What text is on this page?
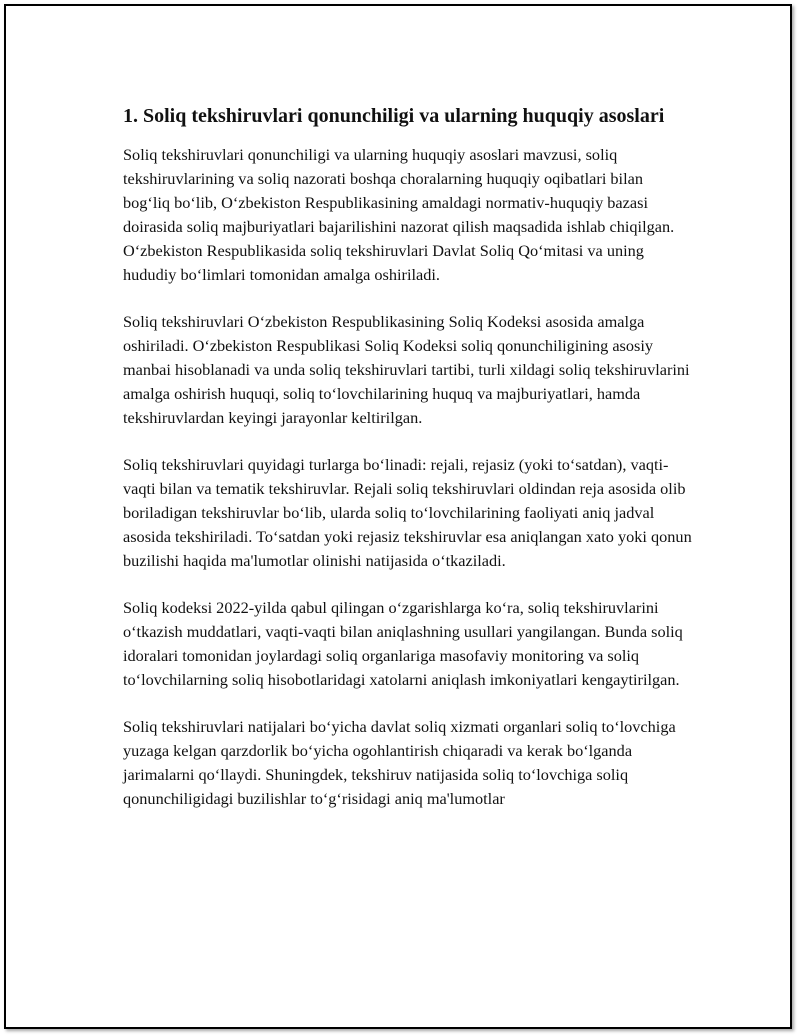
1. Soliq tekshiruvlari qonunchiligi va ularning huquqiy asoslari

Soliq tekshiruvlari qonunchiligi va ularning huquqiy asoslari mavzusi, soliq tekshiruvlarining va soliq nazorati boshqa choralarning huquqiy oqibatlari bilan bog‘liq bo‘lib, O‘zbekiston Respublikasining amaldagi normativ-huquqiy bazasi doirasida soliq majburiyatlari bajarilishini nazorat qilish maqsadida ishlab chiqilgan. O‘zbekiston Respublikasida soliq tekshiruvlari Davlat Soliq Qo‘mitasi va uning hududiy bo‘limlari tomonidan amalga oshiriladi.

Soliq tekshiruvlari O‘zbekiston Respublikasining Soliq Kodeksi asosida amalga oshiriladi. O‘zbekiston Respublikasi Soliq Kodeksi soliq qonunchiligining asosiy manbai hisoblanadi va unda soliq tekshiruvlari tartibi, turli xildagi soliq tekshiruvlarini amalga oshirish huquqi, soliq to‘lovchilarining huquq va majburiyatlari, hamda tekshiruvlardan keyingi jarayonlar keltirilgan.

Soliq tekshiruvlari quyidagi turlarga bo‘linadi: rejali, rejasiz (yoki to‘satdan), vaqti-vaqti bilan va tematik tekshiruvlar. Rejali soliq tekshiruvlari oldindan reja asosida olib boriladigan tekshiruvlar bo‘lib, ularda soliq to‘lovchilarining faoliyati aniq jadval asosida tekshiriladi. To‘satdan yoki rejasiz tekshiruvlar esa aniqlangan xato yoki qonun buzilishi haqida ma'lumotlar olinishi natijasida o‘tkaziladi.

Soliq kodeksi 2022-yilda qabul qilingan o‘zgarishlarga ko‘ra, soliq tekshiruvlarini o‘tkazish muddatlari, vaqti-vaqti bilan aniqlashning usullari yangilangan. Bunda soliq idoralari tomonidan joylardagi soliq organlariga masofaviy monitoring va soliq to‘lovchilarning soliq hisobotlaridagi xatolarni aniqlash imkoniyatlari kengaytirilgan.

Soliq tekshiruvlari natijalari bo‘yicha davlat soliq xizmati organlari soliq to‘lovchiga yuzaga kelgan qarzdorlik bo‘yicha ogohlantirish chiqaradi va kerak bo‘lganda jarimalarni qo‘llaydi. Shuningdek, tekshiruv natijasida soliq to‘lovchiga soliq qonunchiligidagi buzilishlar to‘g‘risidagi aniq ma'lumotlar
